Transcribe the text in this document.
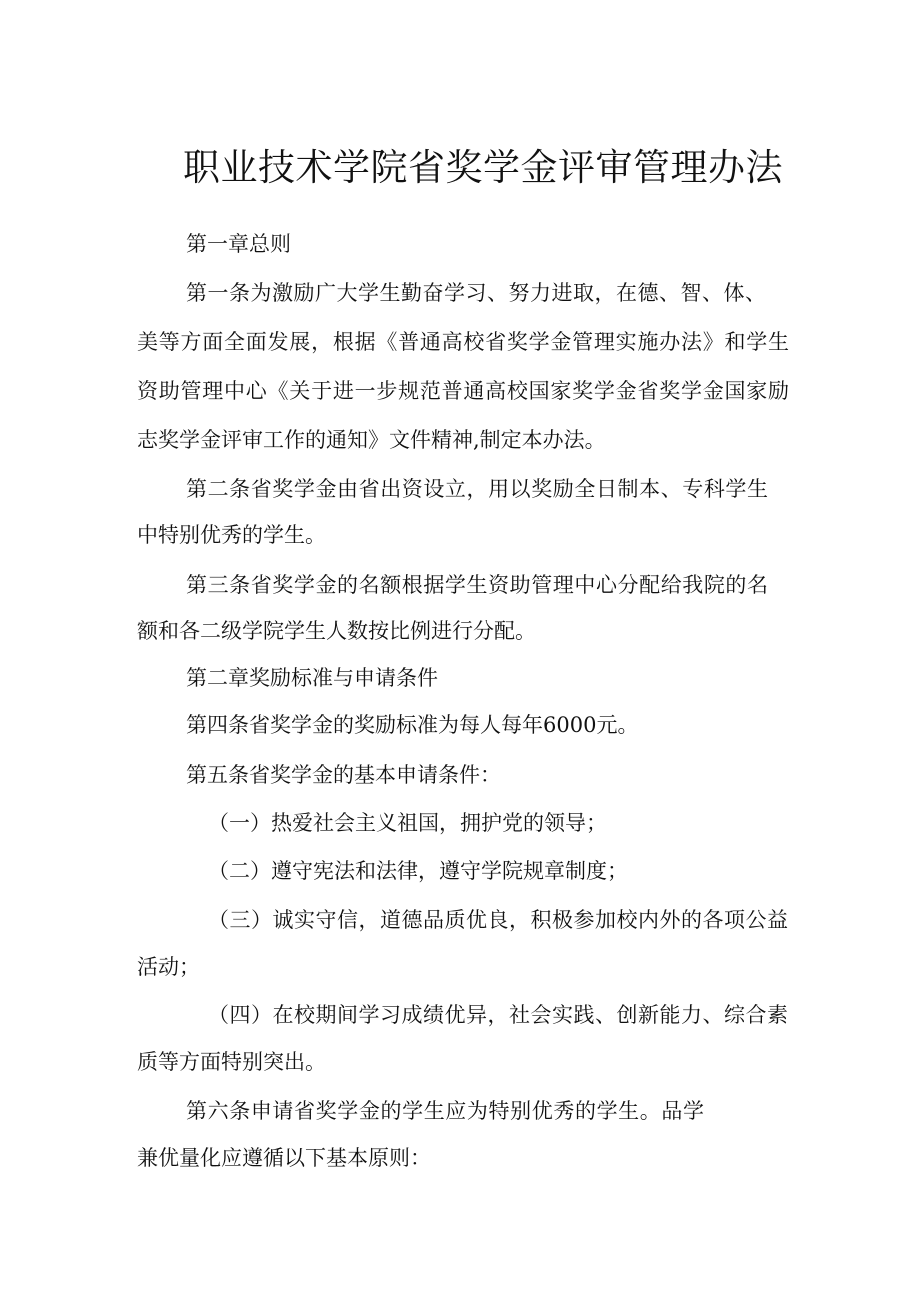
职业技术学院省奖学金评审管理办法
第一章总则
第一条为激励广大学生勤奋学习、努力进取，在德、智、体、
美等方面全面发展，根据《普通高校省奖学金管理实施办法》和学生
资助管理中心《关于进一步规范普通高校国家奖学金省奖学金国家励
志奖学金评审工作的通知》文件精神,制定本办法。
第二条省奖学金由省出资设立，用以奖励全日制本、专科学生
中特别优秀的学生。
第三条省奖学金的名额根据学生资助管理中心分配给我院的名
额和各二级学院学生人数按比例进行分配。
第二章奖励标准与申请条件
第四条省奖学金的奖励标准为每人每年6000元。
第五条省奖学金的基本申请条件：
（一）热爱社会主义祖国，拥护党的领导；
（二）遵守宪法和法律，遵守学院规章制度；
（三）诚实守信，道德品质优良，积极参加校内外的各项公益
活动；
（四）在校期间学习成绩优异，社会实践、创新能力、综合素
质等方面特别突出。
第六条申请省奖学金的学生应为特别优秀的学生。品学
兼优量化应遵循以下基本原则：
